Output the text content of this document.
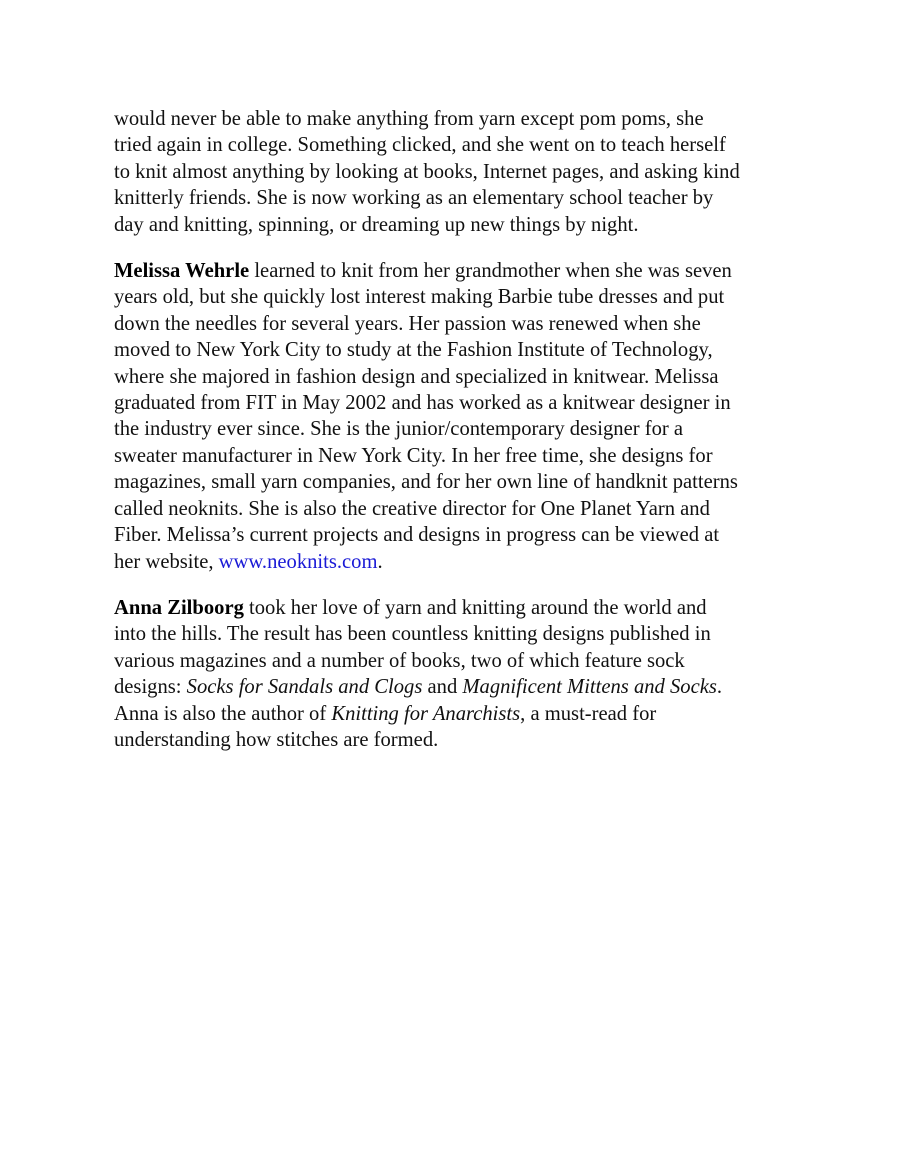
would never be able to make anything from yarn except pom poms, she
tried again in college. Something clicked, and she went on to teach herself
to knit almost anything by looking at books, Internet pages, and asking kind
knitterly friends. She is now working as an elementary school teacher by
day and knitting, spinning, or dreaming up new things by night.

Melissa Wehrle learned to knit from her grandmother when she was seven
years old, but she quickly lost interest making Barbie tube dresses and put
down the needles for several years. Her passion was renewed when she
moved to New York City to study at the Fashion Institute of Technology,
where she majored in fashion design and specialized in knitwear. Melissa
graduated from FIT in May 2002 and has worked as a knitwear designer in
the industry ever since. She is the junior/contemporary designer for a
sweater manufacturer in New York City. In her free time, she designs for
magazines, small yarn companies, and for her own line of handknit patterns
called neoknits. She is also the creative director for One Planet Yarn and
Fiber. Melissa’s current projects and designs in progress can be viewed at
her website, www.neoknits.com.

Anna Zilboorg took her love of yarn and knitting around the world and
into the hills. The result has been countless knitting designs published in
various magazines and a number of books, two of which feature sock
designs: Socks for Sandals and Clogs and Magnificent Mittens and Socks.
Anna is also the author of Knitting for Anarchists, a must-read for
understanding how stitches are formed.
